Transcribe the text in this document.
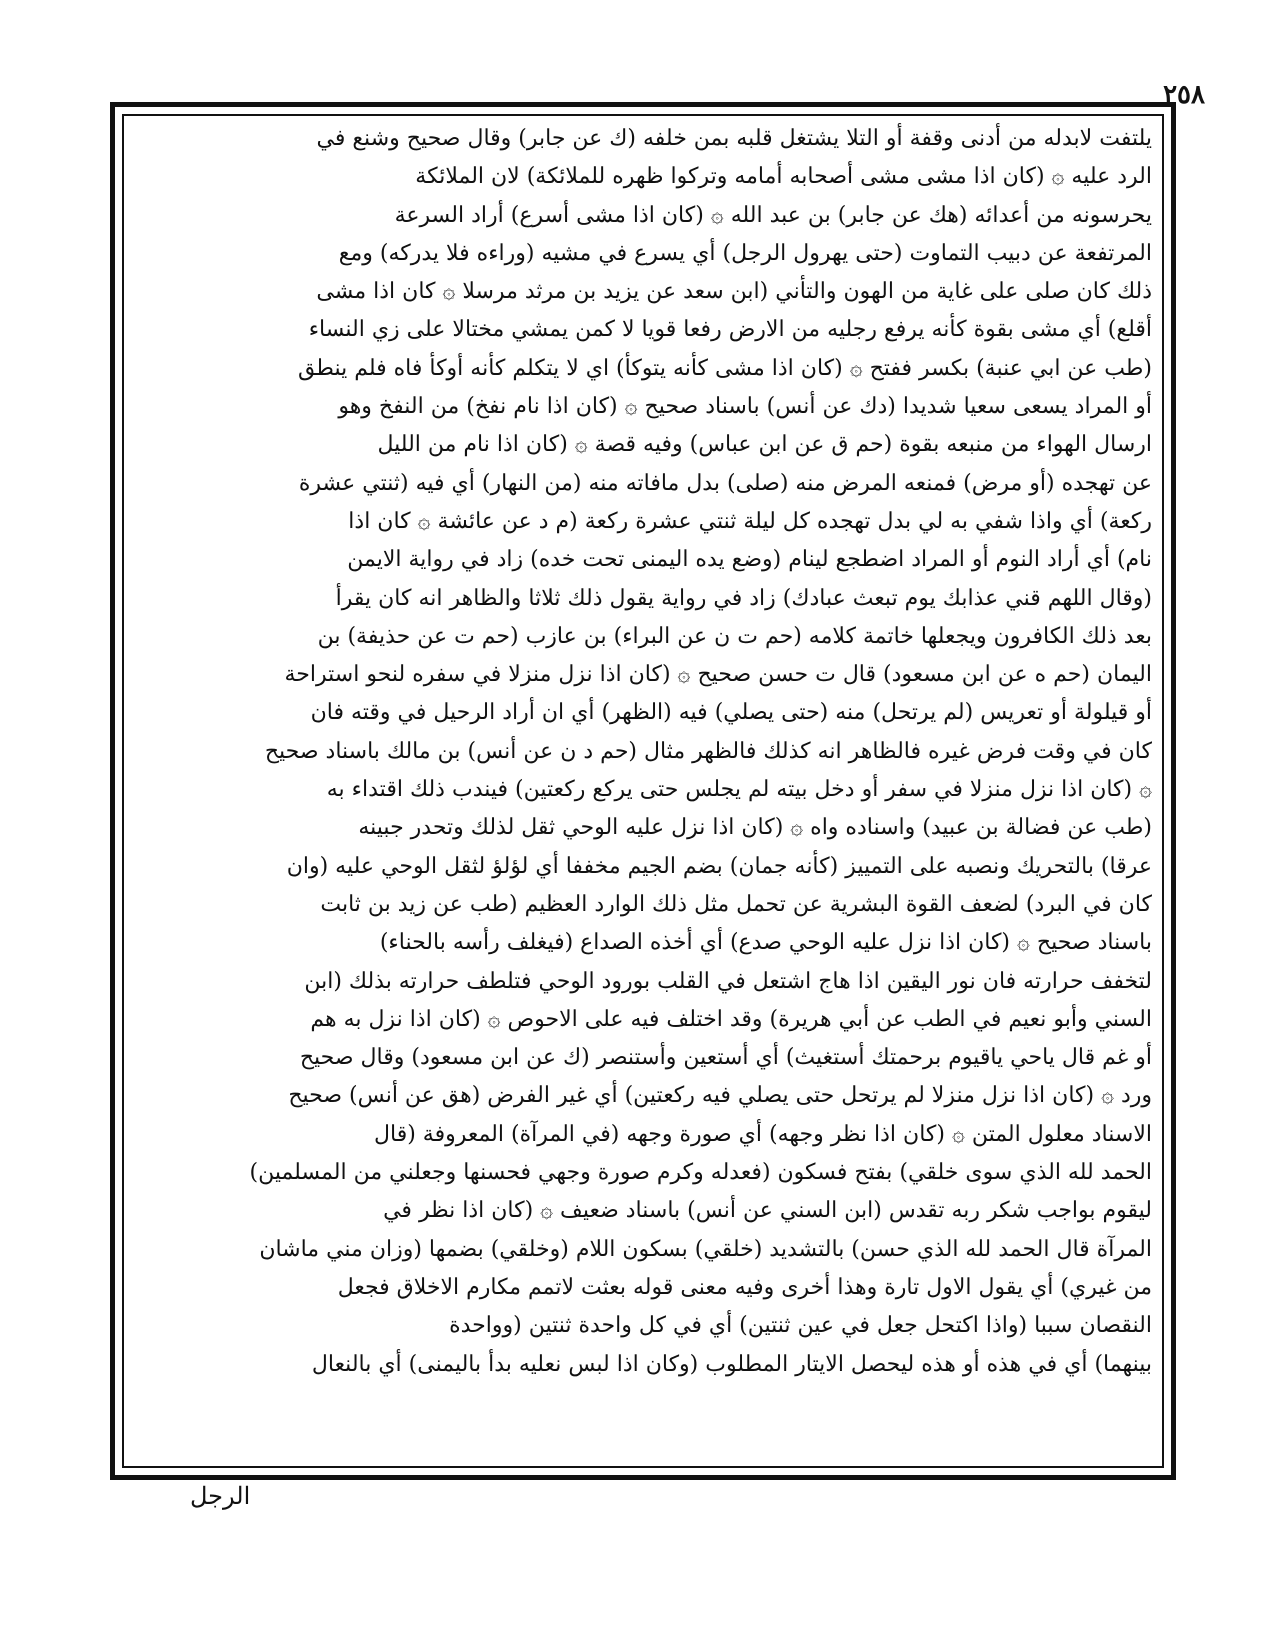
٢٥٨
يلتفت لابدله من أدنى وقفة أو التلا يشتغل قلبه بمن خلفه (ك عن جابر) وقال صحيح وشنع في
الرد عليه ۞ (كان اذا مشى مشى أصحابه أمامه وتركوا ظهره للملائكة) لان الملائكة
يحرسونه من أعدائه (هك عن جابر) بن عبد الله ۞ (كان اذا مشى أسرع) أراد السرعة
المرتفعة عن دبيب التماوت (حتى يهرول الرجل) أي يسرع في مشيه (وراءه فلا يدركه) ومع
ذلك كان صلى على غاية من الهون والتأني (ابن سعد عن يزيد بن مرثد مرسلا ۞ كان اذا مشى
أقلع) أي مشى بقوة كأنه يرفع رجليه من الارض رفعا قويا لا كمن يمشي مختالا على زي النساء
(طب عن ابي عنبة) بكسر ففتح ۞ (كان اذا مشى كأنه يتوكأ) اي لا يتكلم كأنه أوكأ فاه فلم ينطق
أو المراد يسعى سعيا شديدا (دك عن أنس) باسناد صحيح ۞ (كان اذا نام نفخ) من النفخ وهو
ارسال الهواء من منبعه بقوة (حم ق عن ابن عباس) وفيه قصة ۞ (كان اذا نام من الليل
عن تهجده (أو مرض) فمنعه المرض منه (صلى) بدل مافاته منه (من النهار) أي فيه (ثنتي عشرة
ركعة) أي واذا شفي به لي بدل تهجده كل ليلة ثنتي عشرة ركعة (م د عن عائشة ۞ كان اذا
نام) أي أراد النوم أو المراد اضطجع لينام (وضع يده اليمنى تحت خده) زاد في رواية الايمن
(وقال اللهم قني عذابك يوم تبعث عبادك) زاد في رواية يقول ذلك ثلاثا والظاهر انه كان يقرأ
بعد ذلك الكافرون ويجعلها خاتمة كلامه (حم ت ن عن البراء) بن عازب (حم ت عن حذيفة) بن
اليمان (حم ه عن ابن مسعود) قال ت حسن صحيح ۞ (كان اذا نزل منزلا في سفره لنحو استراحة
أو قيلولة أو تعريس (لم يرتحل) منه (حتى يصلي) فيه (الظهر) أي ان أراد الرحيل في وقته فان
كان في وقت فرض غيره فالظاهر انه كذلك فالظهر مثال (حم د ن عن أنس) بن مالك باسناد صحيح
۞ (كان اذا نزل منزلا في سفر أو دخل بيته لم يجلس حتى يركع ركعتين) فيندب ذلك اقتداء به
(طب عن فضالة بن عبيد) واسناده واه ۞ (كان اذا نزل عليه الوحي ثقل لذلك وتحدر جبينه
عرقا) بالتحريك ونصبه على التمييز (كأنه جمان) بضم الجيم مخففا أي لؤلؤ لثقل الوحي عليه (وان
كان في البرد) لضعف القوة البشرية عن تحمل مثل ذلك الوارد العظيم (طب عن زيد بن ثابت
باسناد صحيح ۞ (كان اذا نزل عليه الوحي صدع) أي أخذه الصداع (فيغلف رأسه بالحناء)
لتخفف حرارته فان نور اليقين اذا هاج اشتعل في القلب بورود الوحي فتلطف حرارته بذلك (ابن
السني وأبو نعيم في الطب عن أبي هريرة) وقد اختلف فيه على الاحوص ۞ (كان اذا نزل به هم
أو غم قال ياحي ياقيوم برحمتك أستغيث) أي أستعين وأستنصر (ك عن ابن مسعود) وقال صحيح
ورد ۞ (كان اذا نزل منزلا لم يرتحل حتى يصلي فيه ركعتين) أي غير الفرض (هق عن أنس) صحيح
الاسناد معلول المتن ۞ (كان اذا نظر وجهه) أي صورة وجهه (في المرآة) المعروفة (قال
الحمد لله الذي سوى خلقي) بفتح فسكون (فعدله وكرم صورة وجهي فحسنها وجعلني من المسلمين)
ليقوم بواجب شكر ربه تقدس (ابن السني عن أنس) باسناد ضعيف ۞ (كان اذا نظر في
المرآة قال الحمد لله الذي حسن) بالتشديد (خلقي) بسكون اللام (وخلقي) بضمها (وزان مني ماشان
من غيري) أي يقول الاول تارة وهذا أخرى وفيه معنى قوله بعثت لاتمم مكارم الاخلاق فجعل
النقصان سببا (واذا اكتحل جعل في عين ثنتين) أي في كل واحدة ثنتين (وواحدة
بينهما) أي في هذه أو هذه ليحصل الايتار المطلوب (وكان اذا لبس نعليه بدأ باليمنى) أي بالنعال
الرجل
